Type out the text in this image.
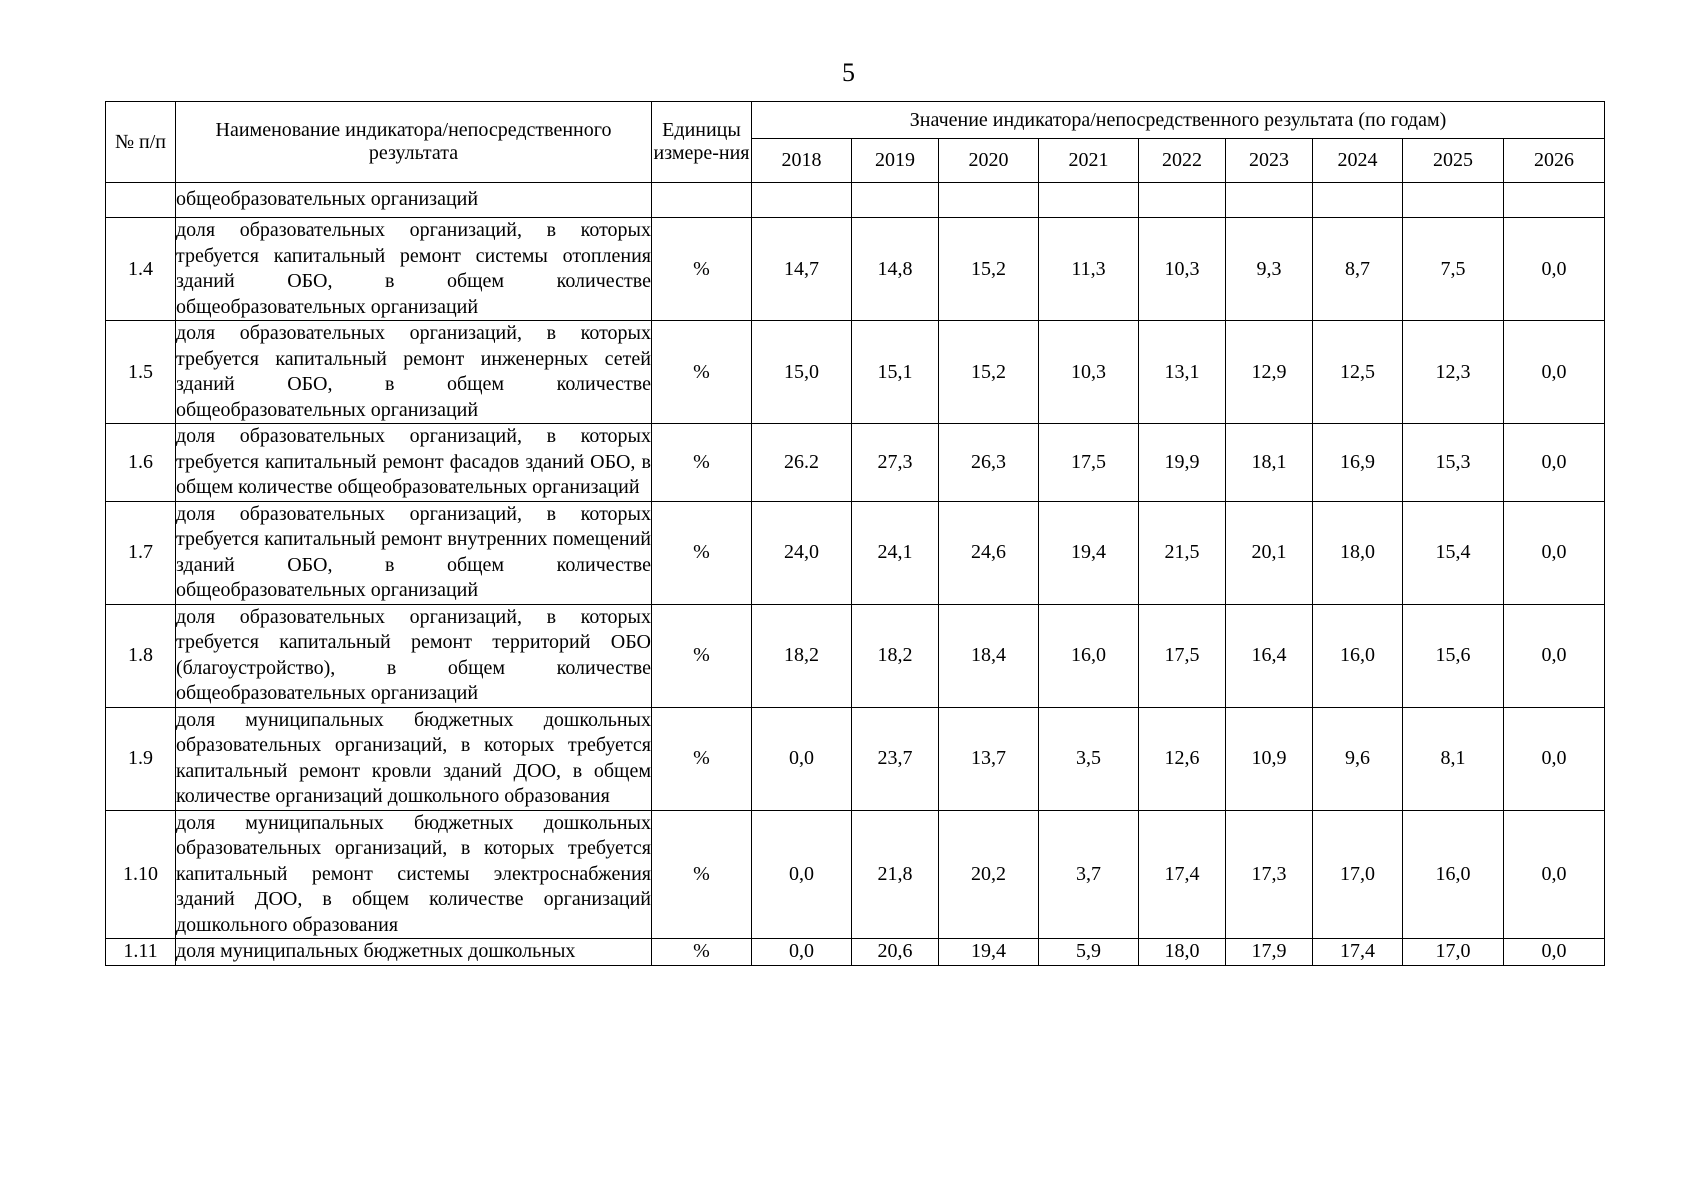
5
№ п/п	Наименование индикатора/непосредственного результата	Единицы измере-ния	Значение индикатора/непосредственного результата (по годам)								
			2018	2019	2020	2021	2022	2023	2024	2025	2026
	общеобразовательных организаций										
1.4	доля образовательных организаций, в которых требуется капитальный ремонт системы отопления зданий ОБО, в общем количестве общеобразовательных организаций	%	14,7	14,8	15,2	11,3	10,3	9,3	8,7	7,5	0,0
1.5	доля образовательных организаций, в которых требуется капитальный ремонт инженерных сетей зданий ОБО, в общем количестве общеобразовательных организаций	%	15,0	15,1	15,2	10,3	13,1	12,9	12,5	12,3	0,0
1.6	доля образовательных организаций, в которых требуется капитальный ремонт фасадов зданий ОБО, в общем количестве общеобразовательных организаций	%	26.2	27,3	26,3	17,5	19,9	18,1	16,9	15,3	0,0
1.7	доля образовательных организаций, в которых требуется капитальный ремонт внутренних помещений зданий ОБО, в общем количестве общеобразовательных организаций	%	24,0	24,1	24,6	19,4	21,5	20,1	18,0	15,4	0,0
1.8	доля образовательных организаций, в которых требуется капитальный ремонт территорий ОБО (благоустройство), в общем количестве общеобразовательных организаций	%	18,2	18,2	18,4	16,0	17,5	16,4	16,0	15,6	0,0
1.9	доля муниципальных бюджетных дошкольных образовательных организаций, в которых требуется капитальный ремонт кровли зданий ДОО, в общем количестве организаций дошкольного образования	%	0,0	23,7	13,7	3,5	12,6	10,9	9,6	8,1	0,0
1.10	доля муниципальных бюджетных дошкольных образовательных организаций, в которых требуется капитальный ремонт системы электроснабжения зданий ДОО, в общем количестве организаций дошкольного образования	%	0,0	21,8	20,2	3,7	17,4	17,3	17,0	16,0	0,0
1.11	доля муниципальных бюджетных дошкольных	%	0,0	20,6	19,4	5,9	18,0	17,9	17,4	17,0	0,0
